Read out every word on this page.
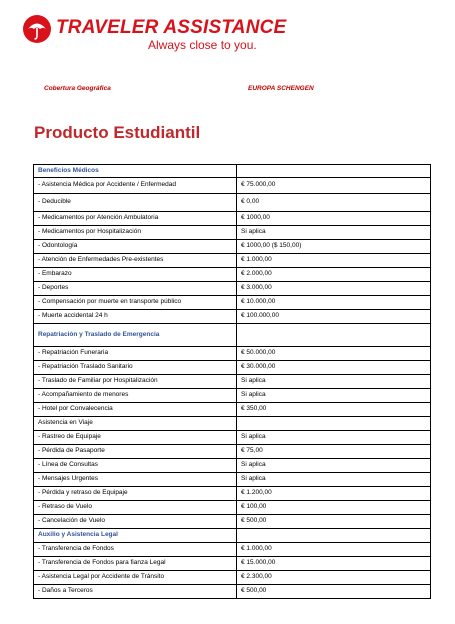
TRAVELER ASSISTANCE
Always close to you.
Cobertura Geográfica	EUROPA SCHENGEN
Producto Estudiantil
Beneficios Médicos	
- Asistencia Médica por Accidente / Enfermedad	€ 75.000,00
- Deducible	€ 0,00
- Medicamentos por Atención Ambulatoria	€ 1000,00
- Medicamentos por Hospitalización	Si aplica
- Odontología	€ 1000,00 ($ 150,00)
- Atención de Enfermedades Pre-existentes	€ 1.000,00
- Embarazo	€ 2.000,00
- Deportes	€ 3.000,00
- Compensación por muerte en transporte público	€ 10.000,00
- Muerte accidental 24 h	€ 100.000,00
Repatriación y Traslado de Emergencia	
- Repatriación Funeraria	€ 50.000,00
- Repatriación Traslado Sanitario	€ 30.000,00
- Traslado de Familiar por Hospitalización	Si aplica
- Acompañamiento de menores	Si aplica
- Hotel por Convalecencia	€ 350,00
Asistencia en Viaje	
- Rastreo de Equipaje	Si aplica
- Pérdida de Pasaporte	€ 75,00
- Línea de Consultas	Si aplica
- Mensajes Urgentes	Si aplica
- Pérdida y retraso de Equipaje	€ 1.200,00
- Retraso de Vuelo	€ 100,00
- Cancelación de Vuelo	€ 500,00
Auxilio y Asistencia Legal	
- Transferencia de Fondos	€ 1.000,00
- Transferencia de Fondos para fianza Legal	€ 15.000,00
- Asistencia Legal por Accidente de Tránsito	€ 2.300,00
- Daños a Terceros	€ 500,00
